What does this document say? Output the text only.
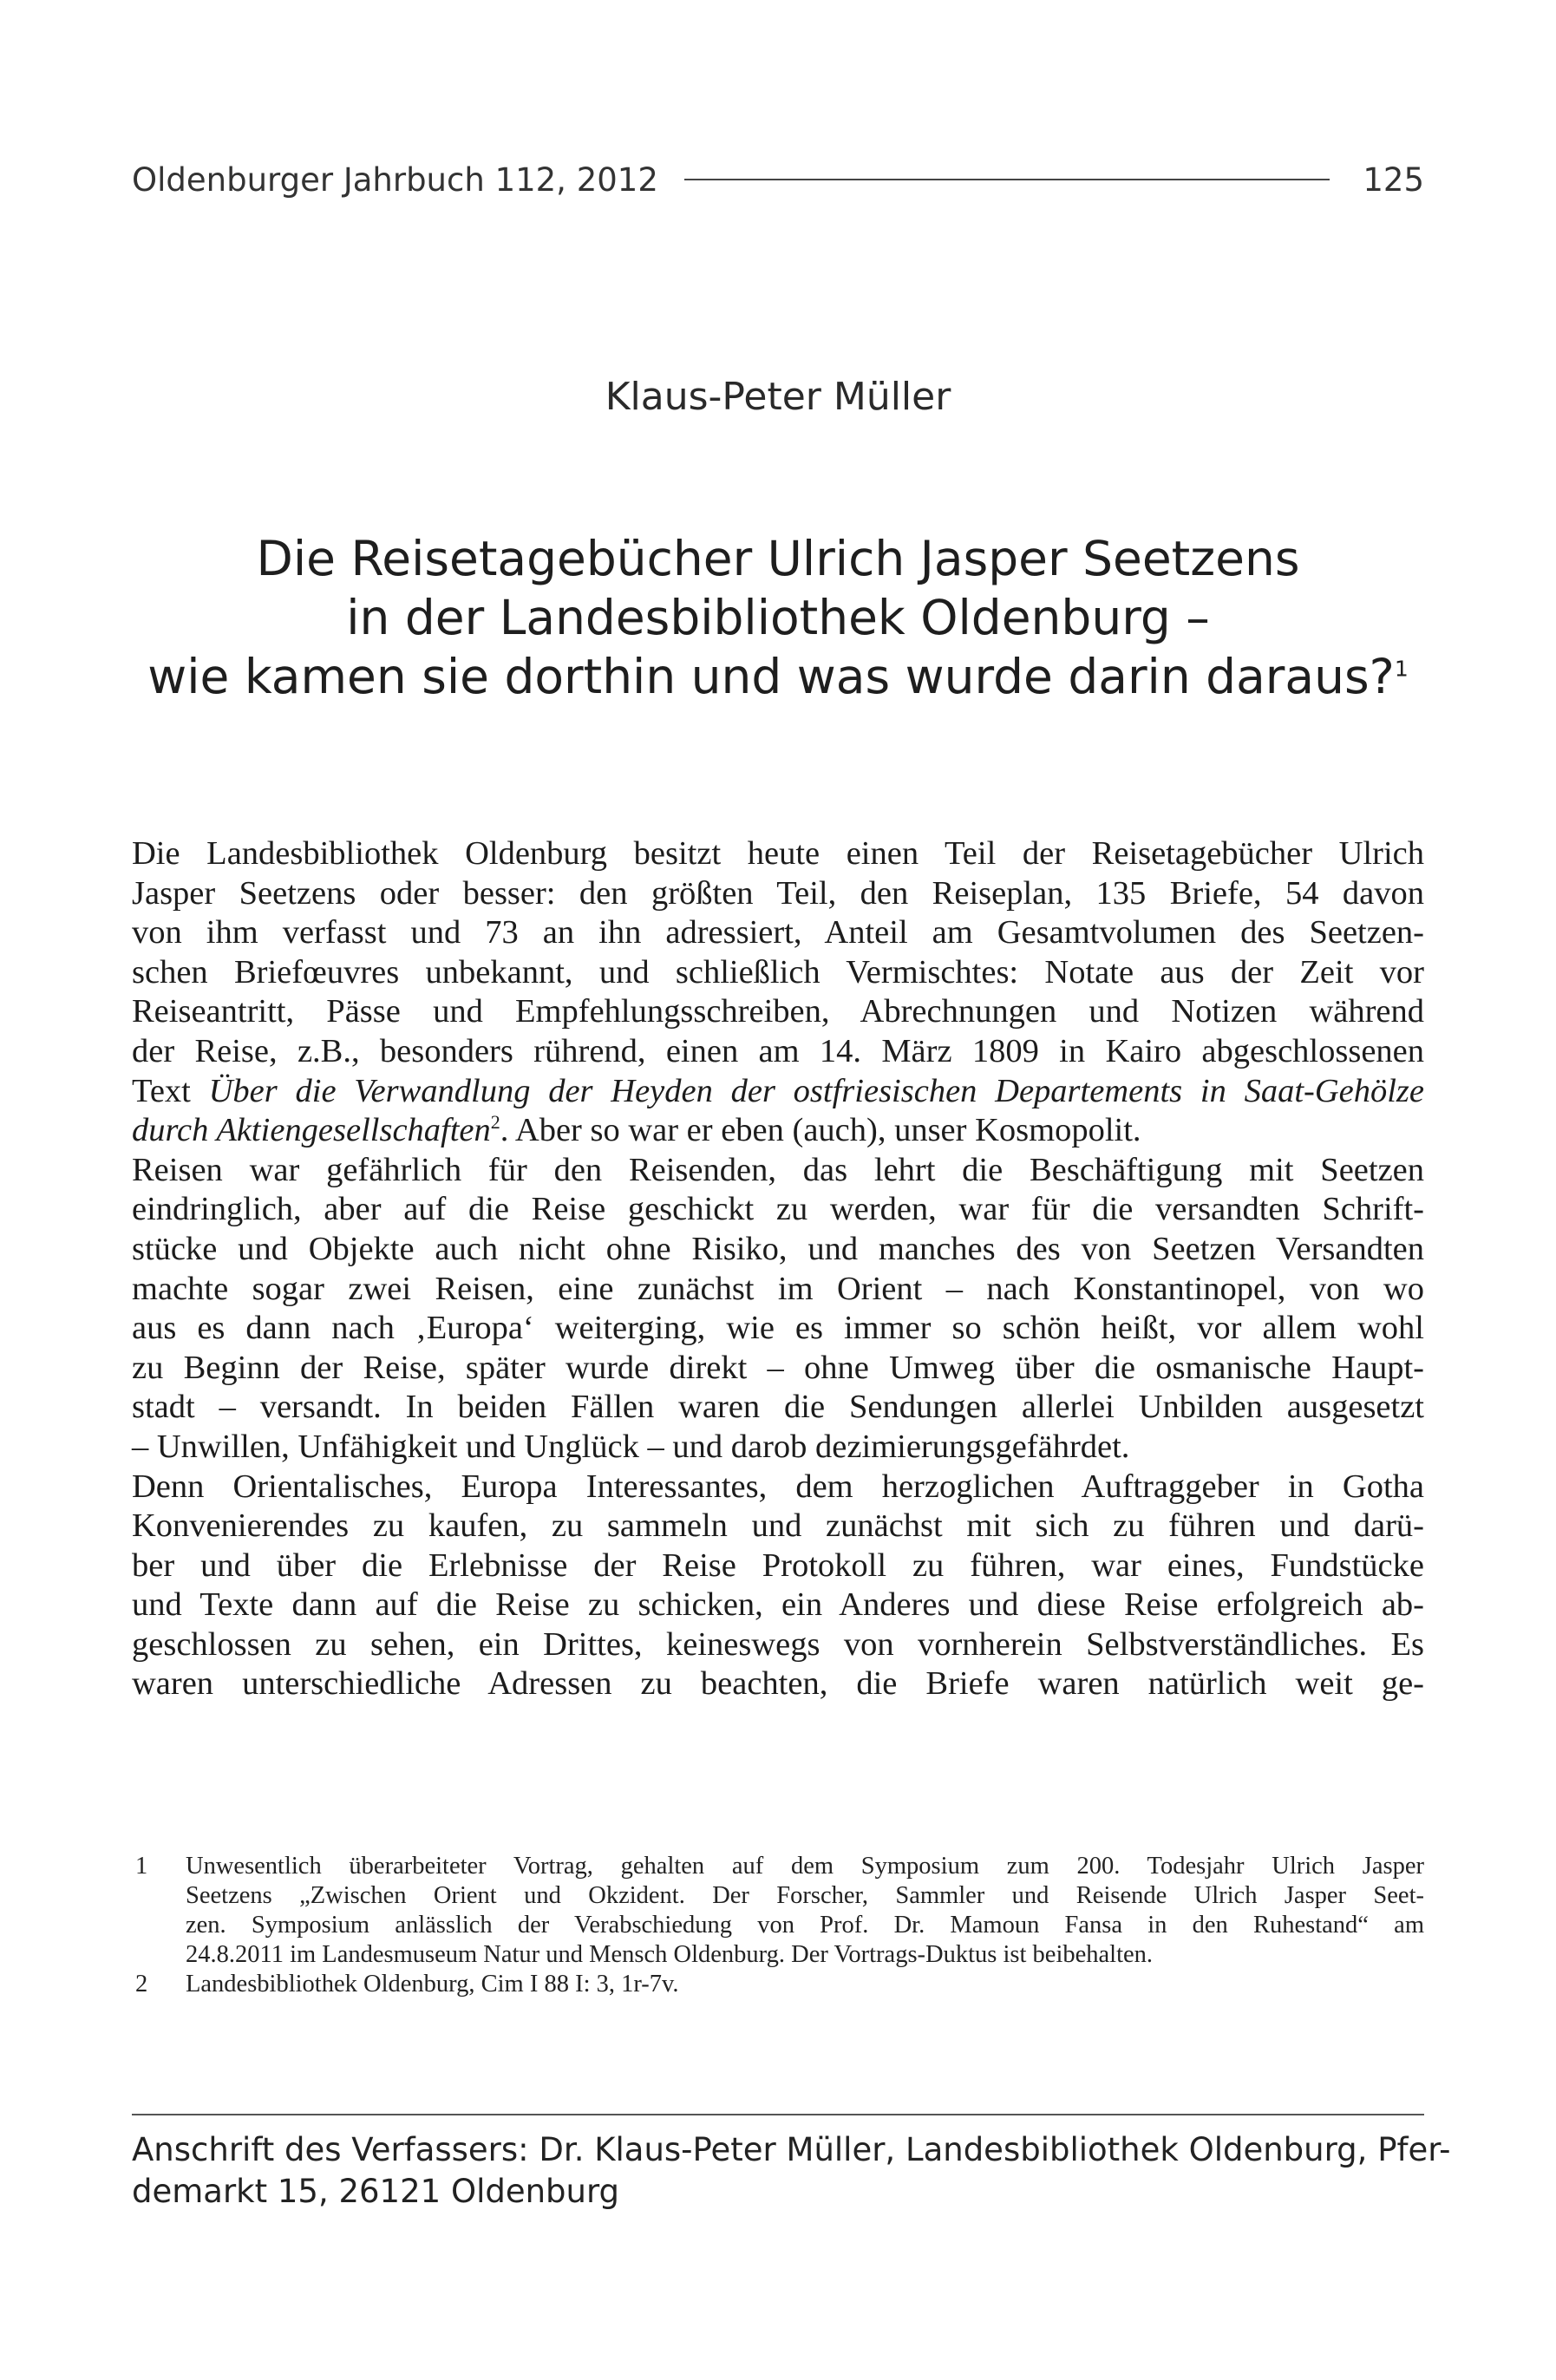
Oldenburger Jahrbuch 112, 2012	125
Klaus-Peter Müller
Die Reisetagebücher Ulrich Jasper Seetzens
in der Landesbibliothek Oldenburg –
wie kamen sie dorthin und was wurde darin daraus?$^1$
Die Landesbibliothek Oldenburg besitzt heute einen Teil der Reisetagebücher Ulrich
Jasper Seetzens oder besser: den größten Teil, den Reiseplan, 135 Briefe, 54 davon
von ihm verfasst und 73 an ihn adressiert, Anteil am Gesamtvolumen des Seetzen-
schen Briefœuvres unbekannt, und schließlich Vermischtes: Notate aus der Zeit vor
Reiseantritt, Pässe und Empfehlungsschreiben, Abrechnungen und Notizen während
der Reise, z.B., besonders rührend, einen am 14. März 1809 in Kairo abgeschlossenen
Text Über die Verwandlung der Heyden der ostfriesischen Departements in Saat-Gehölze
durch Aktiengesellschaften$^2$. Aber so war er eben (auch), unser Kosmopolit.
Reisen war gefährlich für den Reisenden, das lehrt die Beschäftigung mit Seetzen
eindringlich, aber auf die Reise geschickt zu werden, war für die versandten Schrift-
stücke und Objekte auch nicht ohne Risiko, und manches des von Seetzen Versandten
machte sogar zwei Reisen, eine zunächst im Orient – nach Konstantinopel, von wo
aus es dann nach ‚Europa‘ weiterging, wie es immer so schön heißt, vor allem wohl
zu Beginn der Reise, später wurde direkt – ohne Umweg über die osmanische Haupt-
stadt – versandt. In beiden Fällen waren die Sendungen allerlei Unbilden ausgesetzt
– Unwillen, Unfähigkeit und Unglück – und darob dezimierungsgefährdet.
Denn Orientalisches, Europa Interessantes, dem herzoglichen Auftraggeber in Gotha
Konvenierendes zu kaufen, zu sammeln und zunächst mit sich zu führen und darü-
ber und über die Erlebnisse der Reise Protokoll zu führen, war eines, Fundstücke
und Texte dann auf die Reise zu schicken, ein Anderes und diese Reise erfolgreich ab-
geschlossen zu sehen, ein Drittes, keineswegs von vornherein Selbstverständliches. Es
waren unterschiedliche Adressen zu beachten, die Briefe waren natürlich weit ge-
1 Unwesentlich überarbeiteter Vortrag, gehalten auf dem Symposium zum 200. Todesjahr Ulrich Jasper
Seetzens „Zwischen Orient und Okzident. Der Forscher, Sammler und Reisende Ulrich Jasper Seet-
zen. Symposium anlässlich der Verabschiedung von Prof. Dr. Mamoun Fansa in den Ruhestand“ am
24.8.2011 im Landesmuseum Natur und Mensch Oldenburg. Der Vortrags-Duktus ist beibehalten.
2 Landesbibliothek Oldenburg, Cim I 88 I: 3, 1r-7v.
Anschrift des Verfassers: Dr. Klaus-Peter Müller, Landesbibliothek Oldenburg, Pfer-
demarkt 15, 26121 Oldenburg
